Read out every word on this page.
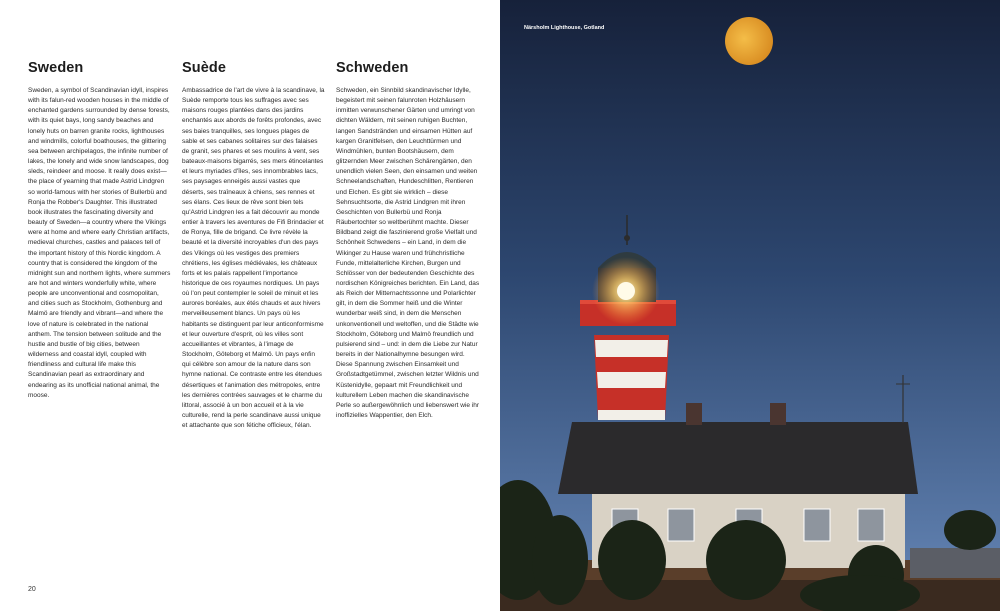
Sweden

Sweden, a symbol of Scandinavian idyll, inspires with its falun-red wooden houses in the middle of enchanted gardens surrounded by dense forests, with its quiet bays, long sandy beaches and lonely huts on barren granite rocks, lighthouses and windmills, colorful boathouses, the glittering sea between archipelagos, the infinite number of lakes, the lonely and wide snow landscapes, dog sleds, reindeer and moose. It really does exist—the place of yearning that made Astrid Lindgren so world-famous with her stories of Bullerbü and Ronja the Robber's Daughter. This illustrated book illustrates the fascinating diversity and beauty of Sweden—a country where the Vikings were at home and where early Christian artifacts, medieval churches, castles and palaces tell of the important history of this Nordic kingdom. A country that is considered the kingdom of the midnight sun and northern lights, where summers are hot and winters wonderfully white, where people are unconventional and cosmopolitan, and cities such as Stockholm, Gothenburg and Malmö are friendly and vibrant—and where the love of nature is celebrated in the national anthem. The tension between solitude and the hustle and bustle of big cities, between wilderness and coastal idyll, coupled with friendliness and cultural life make this Scandinavian pearl as extraordinary and endearing as its unofficial national animal, the moose.

Suède

Ambassadrice de l'art de vivre à la scandinave, la Suède remporte tous les suffrages avec ses maisons rouges plantées dans des jardins enchantés aux abords de forêts profondes, avec ses baies tranquilles, ses longues plages de sable et ses cabanes solitaires sur des falaises de granit, ses phares et ses moulins à vent, ses bateaux-maisons bigarrés, ses mers étincelantes et leurs myriades d'îles, ses innombrables lacs, ses paysages enneigés aussi vastes que déserts, ses traîneaux à chiens, ses rennes et ses élans. Ces lieux de rêve sont bien tels qu'Astrid Lindgren les a fait découvrir au monde entier à travers les aventures de Fifi Brindacier et de Ronya, fille de brigand. Ce livre révèle la beauté et la diversité incroyables d'un des pays des Vikings où les vestiges des premiers chrétiens, les églises médiévales, les châteaux forts et les palais rappellent l'importance historique de ces royaumes nordiques. Un pays où l'on peut contempler le soleil de minuit et les aurores boréales, aux étés chauds et aux hivers merveilleusement blancs. Un pays où les habitants se distinguent par leur anticonformisme et leur ouverture d'esprit, où les villes sont accueillantes et vibrantes, à l'image de Stockholm, Göteborg et Malmö. Un pays enfin qui célèbre son amour de la nature dans son hymne national. Ce contraste entre les étendues désertiques et l'animation des métropoles, entre les dernières contrées sauvages et le charme du littoral, associé à un bon accueil et à la vie culturelle, rend la perle scandinave aussi unique et attachante que son fétiche officieux, l'élan.

Schweden

Schweden, ein Sinnbild skandinavischer Idylle, begeistert mit seinen falunroten Holzhäusern inmitten verwunschener Gärten und umringt von dichten Wäldern, mit seinen ruhigen Buchten, langen Sandstränden und einsamen Hütten auf kargen Granitfelsen, den Leuchttürmen und Windmühlen, bunten Bootshäusern, dem glitzernden Meer zwischen Schärengärten, den unendlich vielen Seen, den einsamen und weiten Schneelandschaften, Hundeschlitten, Rentieren und Elchen. Es gibt sie wirklich – diese Sehnsuchtsorte, die Astrid Lindgren mit ihren Geschichten von Bullerbü und Ronja Räubertochter so weltberühmt machte. Dieser Bildband zeigt die faszinierend große Vielfalt und Schönheit Schwedens – ein Land, in dem die Wikinger zu Hause waren und frühchristliche Funde, mittelalterliche Kirchen, Burgen und Schlösser von der bedeutenden Geschichte des nordischen Königreiches berichten. Ein Land, das als Reich der Mitternachtssonne und Polarlichter gilt, in dem die Sommer heiß und die Winter wunderbar weiß sind, in dem die Menschen unkonventionell und weltoffen, und die Städte wie Stockholm, Göteborg und Malmö freundlich und pulsierend sind – und: in dem die Liebe zur Natur bereits in der Nationalhymne besungen wird. Diese Spannung zwischen Einsamkeit und Großstadtgetümmel, zwischen letzter Wildnis und Küstenidylle, gepaart mit Freundlichkeit und kulturellem Leben machen die skandinavische Perle so außergewöhnlich und liebenswert wie ihr inoffizielles Wappentier, den Elch.

20
Närsholm Lighthouse, Gotland
